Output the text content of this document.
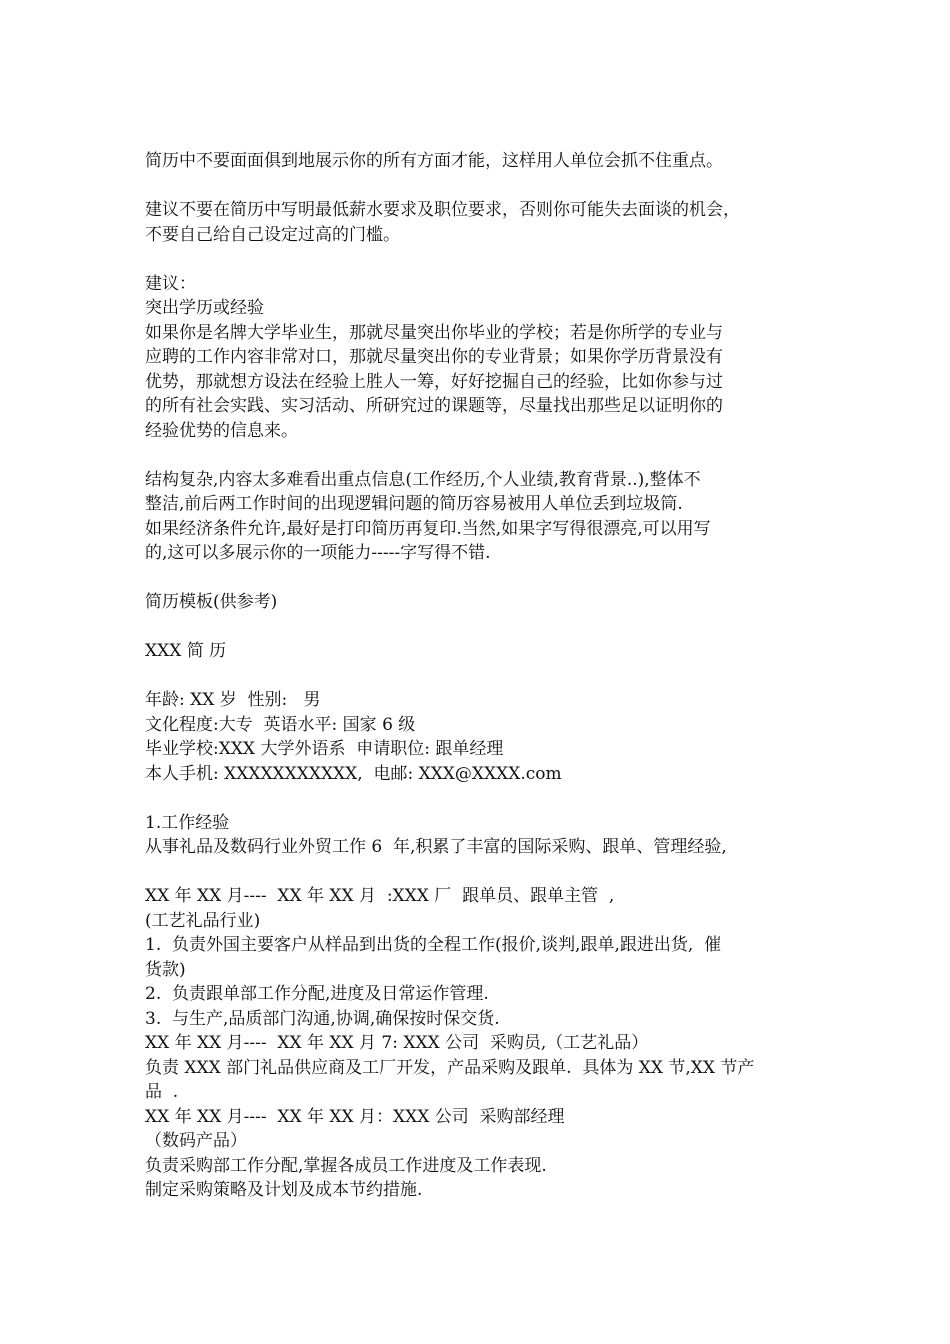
简历中不要面面俱到地展示你的所有方面才能，这样用人单位会抓不住重点。
建议不要在简历中写明最低薪水要求及职位要求，否则你可能失去面谈的机会，
不要自己给自己设定过高的门槛。
建议：
突出学历或经验
如果你是名牌大学毕业生，那就尽量突出你毕业的学校；若是你所学的专业与
应聘的工作内容非常对口，那就尽量突出你的专业背景；如果你学历背景没有
优势，那就想方设法在经验上胜人一筹，好好挖掘自己的经验，比如你参与过
的所有社会实践、实习活动、所研究过的课题等，尽量找出那些足以证明你的
经验优势的信息来。
结构复杂,内容太多难看出重点信息(工作经历,个人业绩,教育背景..),整体不
整洁,前后两工作时间的出现逻辑问题的简历容易被用人单位丢到垃圾筒.
如果经济条件允许,最好是打印简历再复印.当然,如果字写得很漂亮,可以用写
的,这可以多展示你的一项能力-----字写得不错.
简历模板(供参考)
XXX 简 历
年龄: XX 岁  性别:   男
文化程度:大专  英语水平: 国家 6 级
毕业学校:XXX 大学外语系  申请职位: 跟单经理
本人手机: XXXXXXXXXXX,  电邮: XXX@XXXX.com
1.工作经验
从事礼品及数码行业外贸工作 6  年,积累了丰富的国际采购、跟单、管理经验,
XX 年 XX 月----  XX 年 XX 月  :XXX 厂  跟单员、跟单主管  ,
(工艺礼品行业)
1.  负责外国主要客户从样品到出货的全程工作(报价,谈判,跟单,跟进出货,  催
货款)
2.  负责跟单部工作分配,进度及日常运作管理.
3.  与生产,品质部门沟通,协调,确保按时保交货.
XX 年 XX 月----  XX 年 XX 月 7: XXX 公司  采购员,（工艺礼品）
负责 XXX 部门礼品供应商及工厂开发，产品采购及跟单.  具体为 XX 节,XX 节产
品  .
XX 年 XX 月----  XX 年 XX 月：XXX 公司  采购部经理
（数码产品）
负责采购部工作分配,掌握各成员工作进度及工作表现.
制定采购策略及计划及成本节约措施.
